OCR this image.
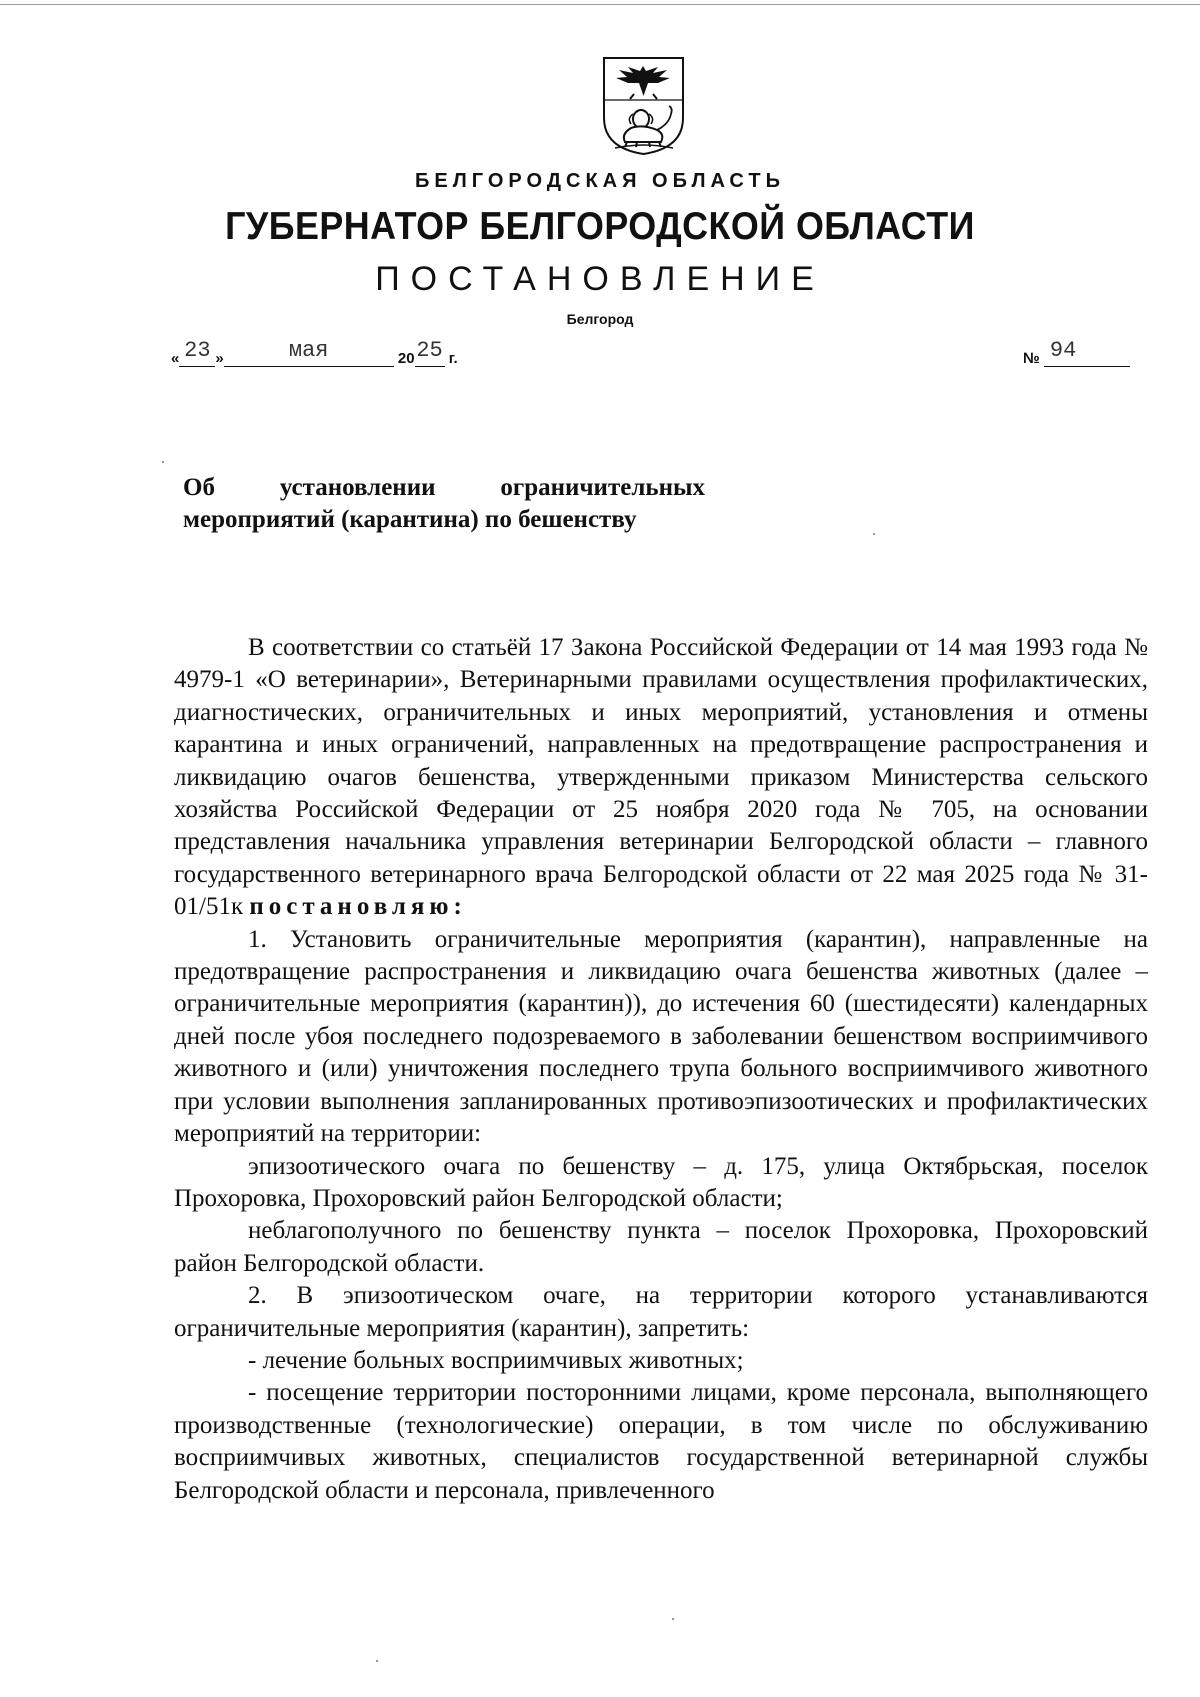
БЕЛГОРОДСКАЯ ОБЛАСТЬ
ГУБЕРНАТОР БЕЛГОРОДСКОЙ ОБЛАСТИ
ПОСТАНОВЛЕНИЕ
Белгород
« 23 »	мая	2025 г.	№ 94
Об установлении ограничительных
мероприятий (карантина) по бешенству

В соответствии со статьёй 17 Закона Российской Федерации от 14 мая 1993 года № 4979-1 «О ветеринарии», Ветеринарными правилами осуществления профилактических, диагностических, ограничительных и иных мероприятий, установления и отмены карантина и иных ограничений, направленных на предотвращение распространения и ликвидацию очагов бешенства, утвержденными приказом Министерства сельского хозяйства Российской Федерации от 25 ноября 2020 года № 705, на основании представления начальника управления ветеринарии Белгородской области – главного государственного ветеринарного врача Белгородской области от 22 мая 2025 года № 31-01/51к постановляю:

1. Установить ограничительные мероприятия (карантин), направленные на предотвращение распространения и ликвидацию очага бешенства животных (далее – ограничительные мероприятия (карантин)), до истечения 60 (шестидесяти) календарных дней после убоя последнего подозреваемого в заболевании бешенством восприимчивого животного и (или) уничтожения последнего трупа больного восприимчивого животного при условии выполнения запланированных противоэпизоотических и профилактических мероприятий на территории:

эпизоотического очага по бешенству – д. 175, улица Октябрьская, поселок Прохоровка, Прохоровский район Белгородской области;

неблагополучного по бешенству пункта – поселок Прохоровка, Прохоровский район Белгородской области.

2. В эпизоотическом очаге, на территории которого устанавливаются ограничительные мероприятия (карантин), запретить:

- лечение больных восприимчивых животных;

- посещение территории посторонними лицами, кроме персонала, выполняющего производственные (технологические) операции, в том числе по обслуживанию восприимчивых животных, специалистов государственной ветеринарной службы Белгородской области и персонала, привлеченного
